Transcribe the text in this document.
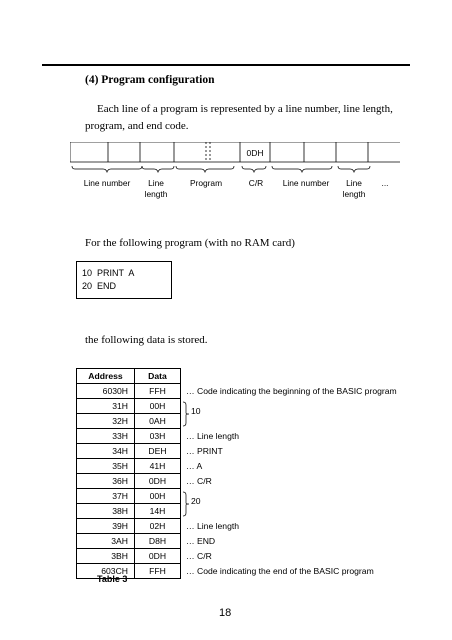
(4) Program configuration
Each line of a program is represented by a line number, line length, program, and end code.
0DH
Line number	Line length
Program	C/R Line number	Line length
...
For the following program (with no RAM card)
10  PRINT  A
20  END
the following data is stored.
Address	Data	
6030H	FFH	… Code indicating the beginning of the BASIC program
31H	00H	10

32H	0AH	
33H	03H	… Line length
34H	DEH	… PRINT
35H	41H	… A
36H	0DH	… C/R
37H	00H	20

38H	14H	
39H	02H	… Line length
3AH	D8H	… END
3BH	0DH	… C/R
603CH	FFH	… Code indicating the end of the BASIC program
Table 3
18
